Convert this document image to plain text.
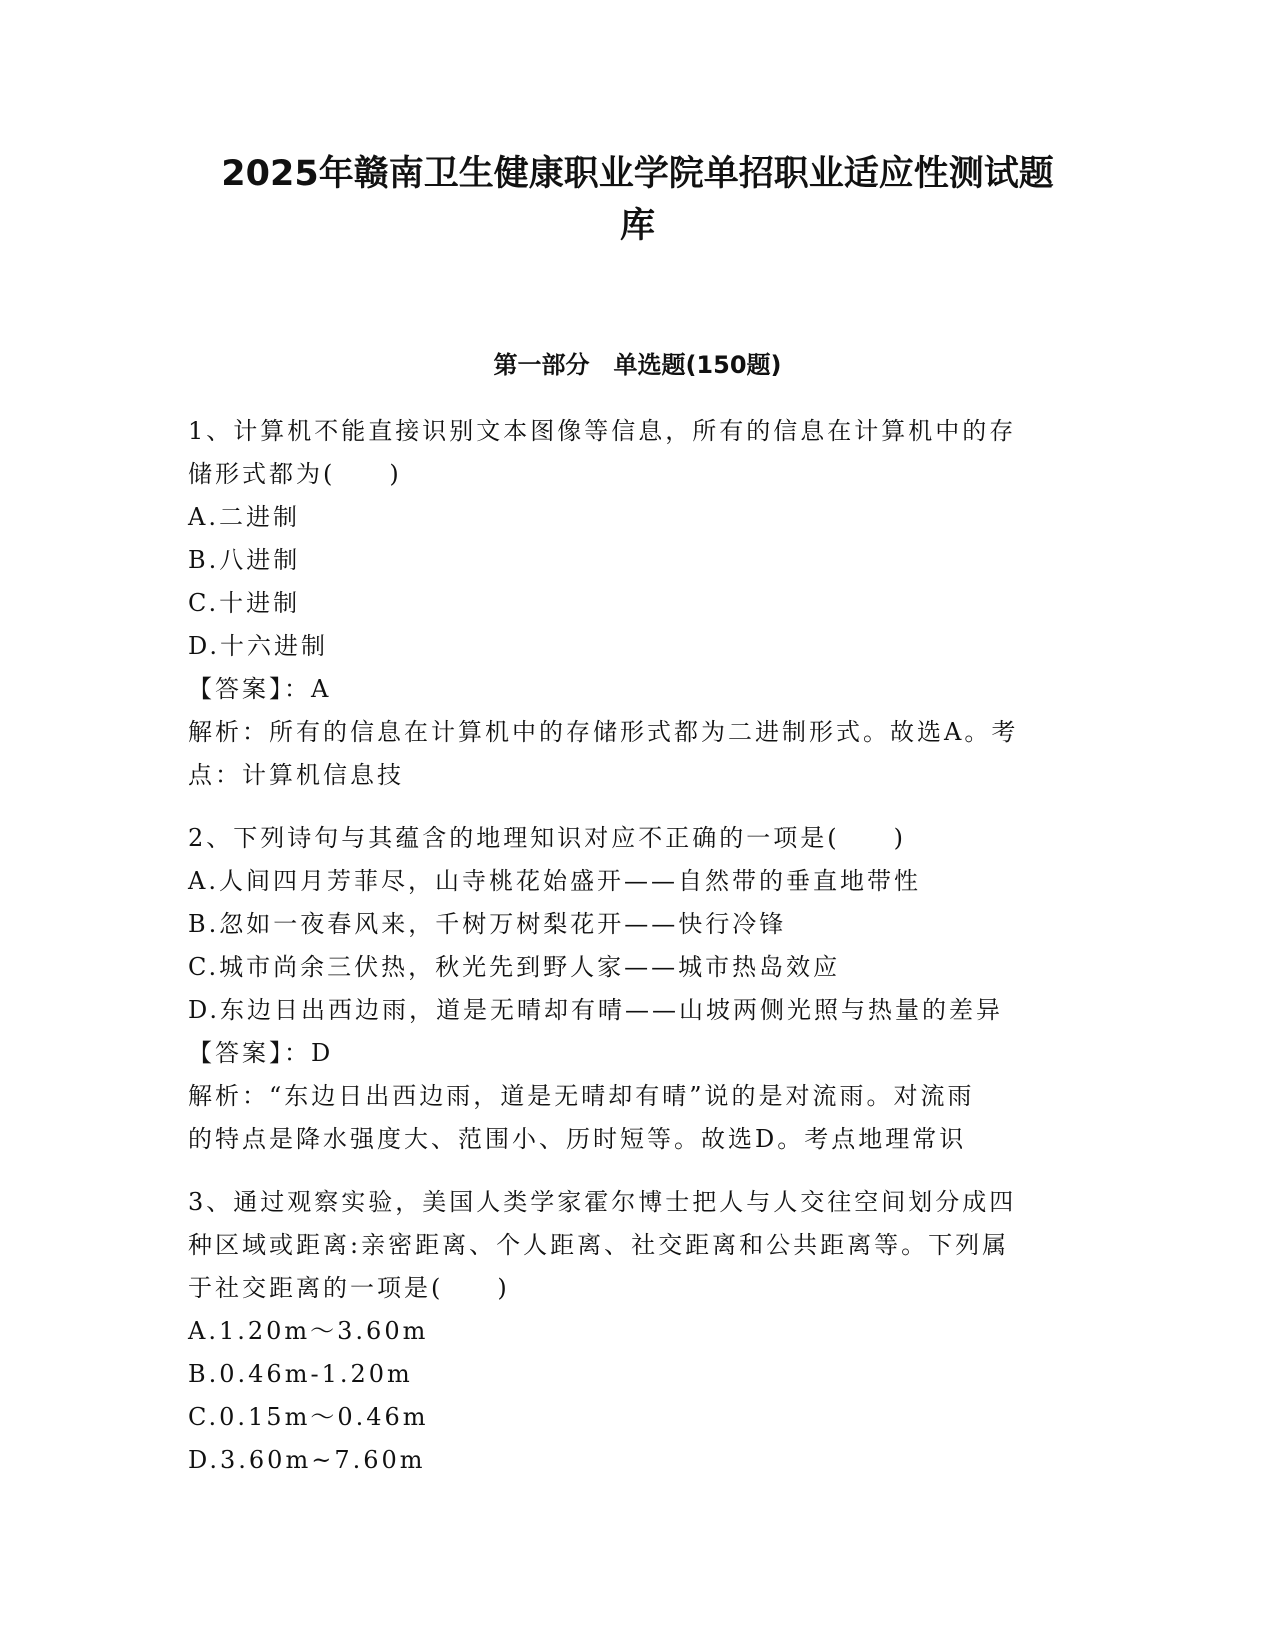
2025年赣南卫生健康职业学院单招职业适应性测试题
库
第一部分　单选题(150题)

1、计算机不能直接识别文本图像等信息，所有的信息在计算机中的存

储形式都为(　　)

A.二进制

B.八进制

C.十进制

D.十六进制

【答案】：A

解析：所有的信息在计算机中的存储形式都为二进制形式。故选A。考

点：计算机信息技

2、下列诗句与其蕴含的地理知识对应不正确的一项是(　　)

A.人间四月芳菲尽，山寺桃花始盛开——自然带的垂直地带性

B.忽如一夜春风来，千树万树梨花开——快行冷锋

C.城市尚余三伏热，秋光先到野人家——城市热岛效应

D.东边日出西边雨，道是无晴却有晴——山坡两侧光照与热量的差异

【答案】：D

解析：“东边日出西边雨，道是无晴却有晴”说的是对流雨。对流雨

的特点是降水强度大、范围小、历时短等。故选D。考点地理常识

3、通过观察实验，美国人类学家霍尔博士把人与人交往空间划分成四

种区域或距离:亲密距离、个人距离、社交距离和公共距离等。下列属

于社交距离的一项是(　　)

A.1.20m～3.60m

B.0.46m-1.20m

C.0.15m～0.46m

D.3.60m~7.60m
